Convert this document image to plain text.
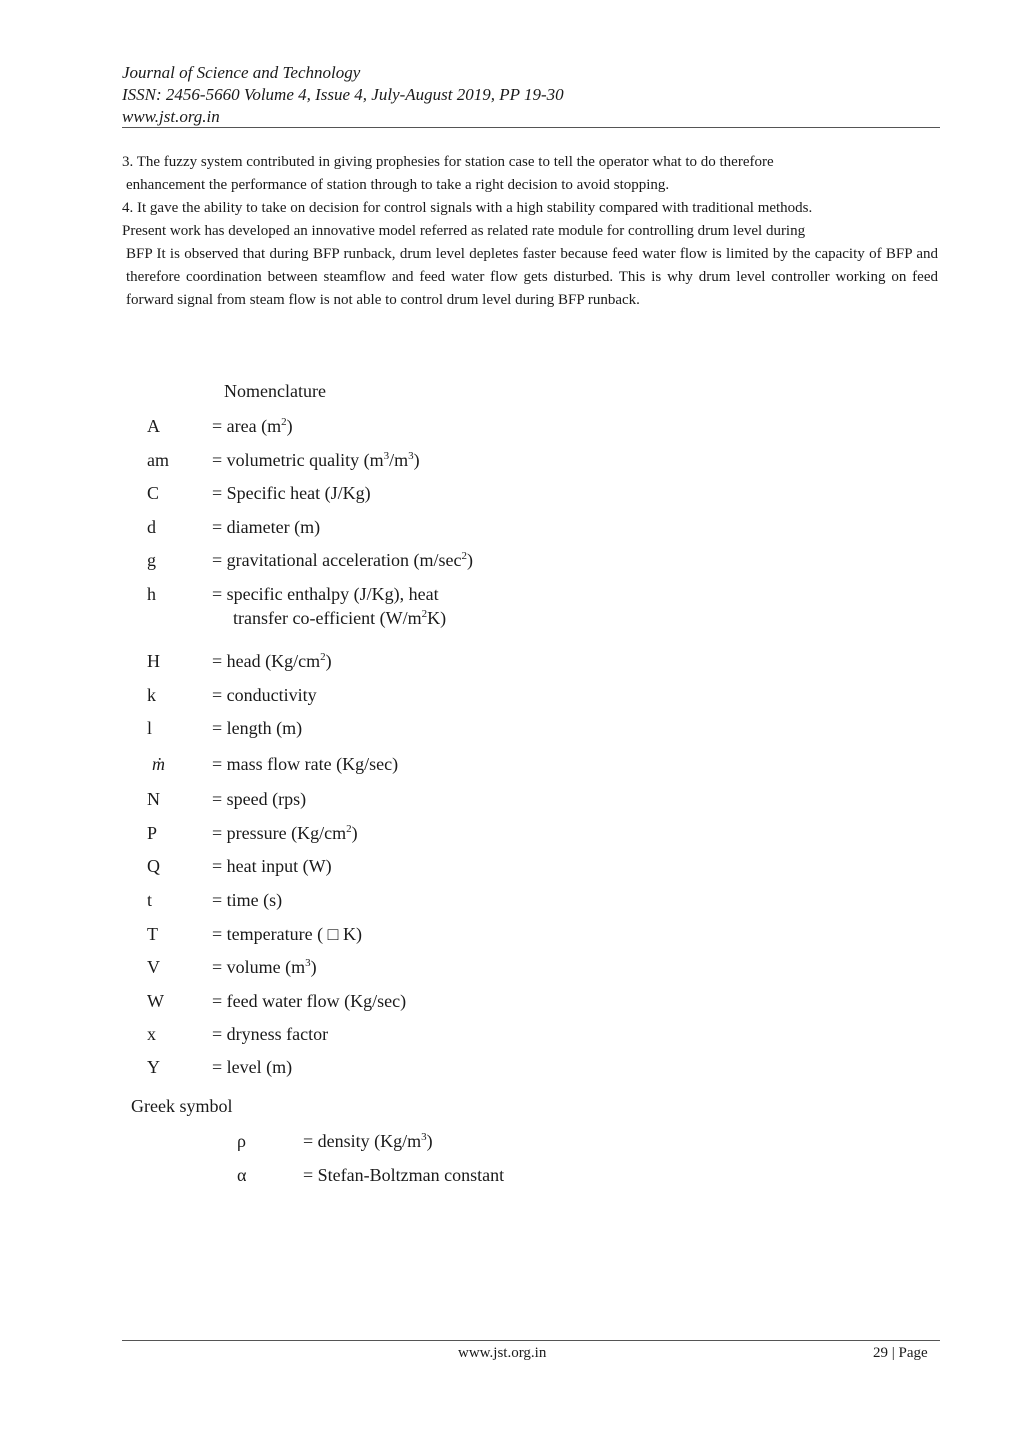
Journal of Science and Technology
ISSN: 2456-5660 Volume 4, Issue 4, July-August 2019, PP 19-30
www.jst.org.in

3. The fuzzy system contributed in giving prophesies for station case to tell the operator what to do therefore

enhancement the performance of station through to take a right decision to avoid stopping.

4. It gave the ability to take on decision for control signals with a high stability compared with traditional methods.

Present work has developed an innovative model referred as related rate module for controlling drum level during

BFP It is observed that during BFP runback, drum level depletes faster because feed water flow is limited by the capacity of BFP and therefore coordination between steamflow and feed water flow gets disturbed. This is why drum level controller working on feed forward signal from steam flow is not able to control drum level during BFP runback.

Nomenclature
A	= area $(m^2)$
am	= volumetric quality $(m^3/m^3)$
C	= Specific heat (J/Kg)
d	= diameter (m)
g	= gravitational acceleration $(m/\sec^2)$
h	= specific enthalpy (J/Kg), heat
transfer co-efficient $(W/m^2K)$
H	= head $(Kg/cm^2)$
k	= conductivity
l	= length (m)
ṁ	= mass flow rate (Kg/sec)
N	= speed (rps)
P	= pressure $(Kg/cm^2)$
Q	= heat input (W)
t	= time (s)
T	= temperature ( □ K)
V	= volume $(m^3)$
W	= feed water flow (Kg/sec)
x	= dryness factor
Y	= level (m)
Greek symbol
ρ	= density $(Kg/m^3)$
α	= Stefan-Boltzman constant
www.jst.org.in	29 | Page
